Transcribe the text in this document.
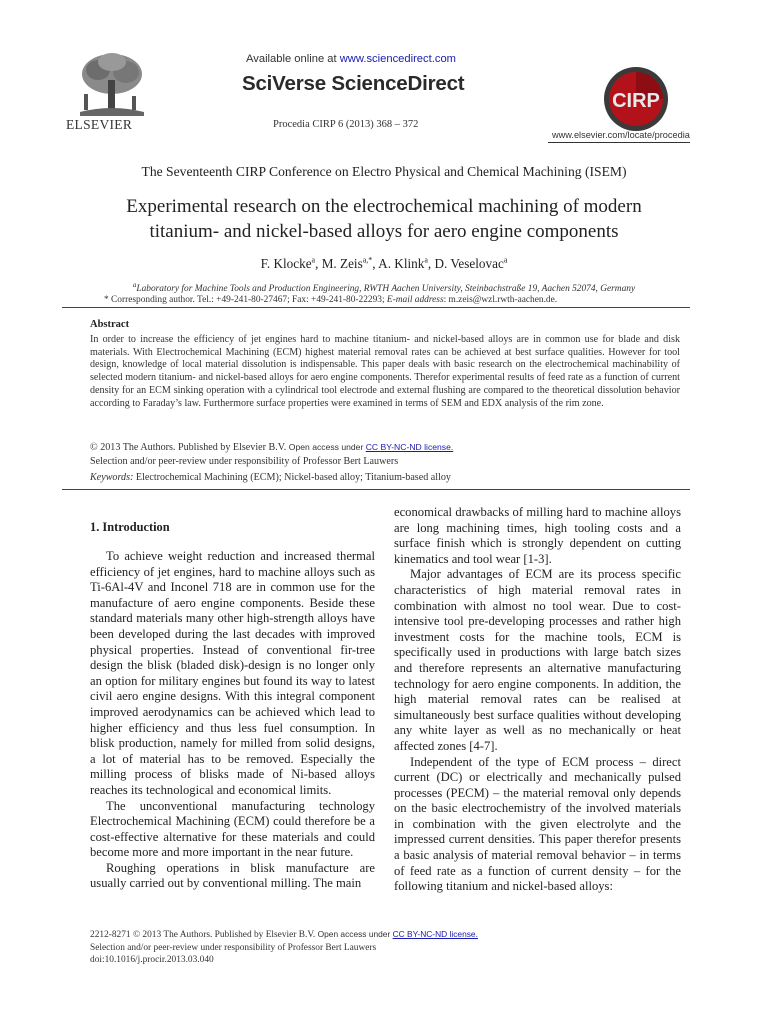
ELSEVIER
Available online at www.sciencedirect.com
SciVerse ScienceDirect
Procedia CIRP 6 (2013) 368 – 372
CIRP
www.elsevier.com/locate/procedia
The Seventeenth CIRP Conference on Electro Physical and Chemical Machining (ISEM)
Experimental research on the electrochemical machining of modern
titanium- and nickel-based alloys for aero engine components
F. Klocke$^a$, M. Zeis$^{a,*}$, A. Klink$^a$, D. Veselovac$^a$
$^a$Laboratory for Machine Tools and Production Engineering, RWTH Aachen University, Steinbachstraße 19, Aachen 52074, Germany
* Corresponding author. Tel.: +49-241-80-27467; Fax: +49-241-80-22293; E-mail address: m.zeis@wzl.rwth-aachen.de.
Abstract
In order to increase the efficiency of jet engines hard to machine titanium- and nickel-based alloys are in common use for blade and disk materials. With Electrochemical Machining (ECM) highest material removal rates can be achieved at best surface qualities. However for tool design, knowledge of local material dissolution is indispensable. This paper deals with basic research on the electrochemical machinability of selected modern titanium- and nickel-based alloys for aero engine components. Therefor experimental results of feed rate as a function of current density for an ECM sinking operation with a cylindrical tool electrode and external flushing are compared to the theoretical dissolution behavior according to Faraday’s law. Furthermore surface properties were examined in terms of SEM and EDX analysis of the rim zone.
© 2013 The Authors. Published by Elsevier B.V. Open access under CC BY-NC-ND license.
Selection and/or peer-review under responsibility of Professor Bert Lauwers
Keywords: Electrochemical Machining (ECM); Nickel-based alloy; Titanium-based alloy
1. Introduction

To achieve weight reduction and increased thermal efficiency of jet engines, hard to machine alloys such as Ti-6Al-4V and Inconel 718 are in common use for the manufacture of aero engine components. Beside these standard materials many other high-strength alloys have been developed during the last decades with improved physical properties. Instead of conventional fir-tree design the blisk (bladed disk)-design is no longer only an option for military engines but found its way to latest civil aero engine designs. With this integral component improved aerodynamics can be achieved which lead to higher efficiency and thus less fuel consumption. In blisk production, namely for milled from solid designs, a lot of material has to be removed. Especially the milling process of blisks made of Ni-based alloys reaches its technological and economical limits.

The unconventional manufacturing technology Electrochemical Machining (ECM) could therefore be a cost-effective alternative for these materials and could become more and more important in the near future.

Roughing operations in blisk manufacture are usually carried out by conventional milling. The main

economical drawbacks of milling hard to machine alloys are long machining times, high tooling costs and a surface finish which is strongly dependent on cutting kinematics and tool wear [1-3].

Major advantages of ECM are its process specific characteristics of high material removal rates in combination with almost no tool wear. Due to cost-intensive tool pre-developing processes and rather high investment costs for the machine tools, ECM is specifically used in productions with large batch sizes and therefore represents an alternative manufacturing technology for aero engine components. In addition, the high material removal rates can be realised at simultaneously best surface qualities without developing any white layer as well as no mechanically or heat affected zones [4-7].

Independent of the type of ECM process – direct current (DC) or electrically and mechanically pulsed processes (PECM) – the material removal only depends on the basic electrochemistry of the involved materials in combination with the given electrolyte and the impressed current densities. This paper therefor presents a basic analysis of material removal behavior – in terms of feed rate as a function of current density – for the following titanium and nickel-based alloys:

2212-8271 © 2013 The Authors. Published by Elsevier B.V. Open access under CC BY-NC-ND license.
Selection and/or peer-review under responsibility of Professor Bert Lauwers
doi:10.1016/j.procir.2013.03.040
